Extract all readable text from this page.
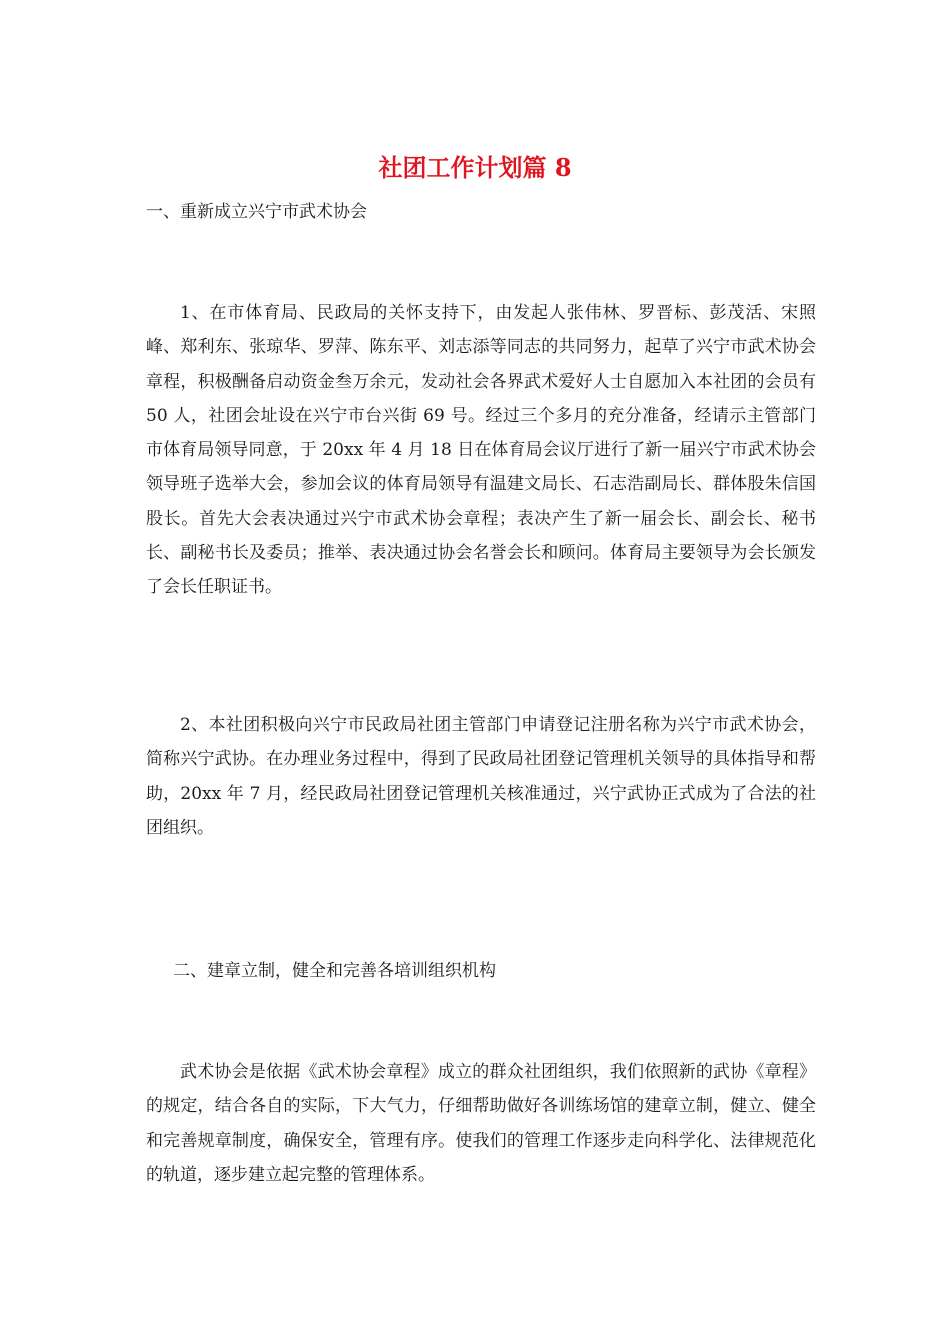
社团工作计划篇 8

一、重新成立兴宁市武术协会

1、在市体育局、民政局的关怀支持下，由发起人张伟林、罗晋标、彭茂活、宋照峰、郑利东、张琼华、罗萍、陈东平、刘志添等同志的共同努力，起草了兴宁市武术协会章程，积极酬备启动资金叁万余元，发动社会各界武术爱好人士自愿加入本社团的会员有 50 人，社团会址设在兴宁市台兴街 69 号。经过三个多月的充分准备，经请示主管部门市体育局领导同意，于 20xx 年 4 月 18 日在体育局会议厅进行了新一届兴宁市武术协会领导班子选举大会，参加会议的体育局领导有温建文局长、石志浩副局长、群体股朱信国股长。首先大会表决通过兴宁市武术协会章程；表决产生了新一届会长、副会长、秘书长、副秘书长及委员；推举、表决通过协会名誉会长和顾问。体育局主要领导为会长颁发了会长任职证书。

2、本社团积极向兴宁市民政局社团主管部门申请登记注册名称为兴宁市武术协会，简称兴宁武协。在办理业务过程中，得到了民政局社团登记管理机关领导的具体指导和帮助，20xx 年 7 月，经民政局社团登记管理机关核准通过，兴宁武协正式成为了合法的社团组织。

二、建章立制，健全和完善各培训组织机构

武术协会是依据《武术协会章程》成立的群众社团组织，我们依照新的武协《章程》的规定，结合各自的实际，下大气力，仔细帮助做好各训练场馆的建章立制，健立、健全和完善规章制度，确保安全，管理有序。使我们的管理工作逐步走向科学化、法律规范化的轨道，逐步建立起完整的管理体系。
